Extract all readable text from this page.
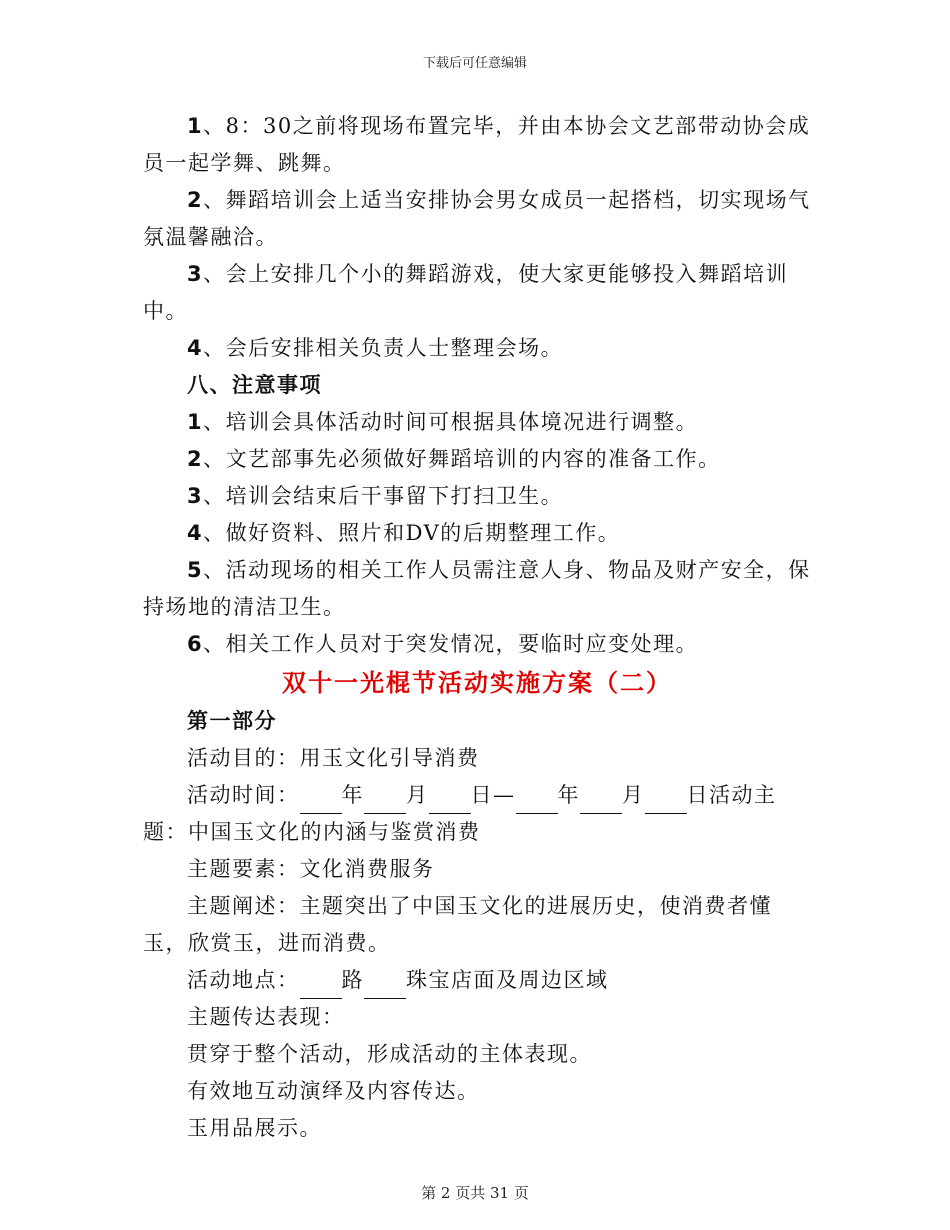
下载后可任意编辑

1、8：30之前将现场布置完毕，并由本协会文艺部带动协会成员一起学舞、跳舞。

2、舞蹈培训会上适当安排协会男女成员一起搭档，切实现场气氛温馨融洽。

3、会上安排几个小的舞蹈游戏，使大家更能够投入舞蹈培训中。

4、会后安排相关负责人士整理会场。

八、注意事项

1、培训会具体活动时间可根据具体境况进行调整。

2、文艺部事先必须做好舞蹈培训的内容的准备工作。

3、培训会结束后干事留下打扫卫生。

4、做好资料、照片和DV的后期整理工作。

5、活动现场的相关工作人员需注意人身、物品及财产安全，保持场地的清洁卫生。

6、相关工作人员对于突发情况，要临时应变处理。

双十一光棍节活动实施方案（二）

第一部分

活动目的：用玉文化引导消费

活动时间： 年 月 日— 年 月 日活动主题：中国玉文化的内涵与鉴赏消费

主题要素：文化消费服务

主题阐述：主题突出了中国玉文化的进展历史，使消费者懂玉，欣赏玉，进而消费。

活动地点： 路 珠宝店面及周边区域

主题传达表现：

贯穿于整个活动，形成活动的主体表现。

有效地互动演绎及内容传达。

玉用品展示。

第 2 页共 31 页
